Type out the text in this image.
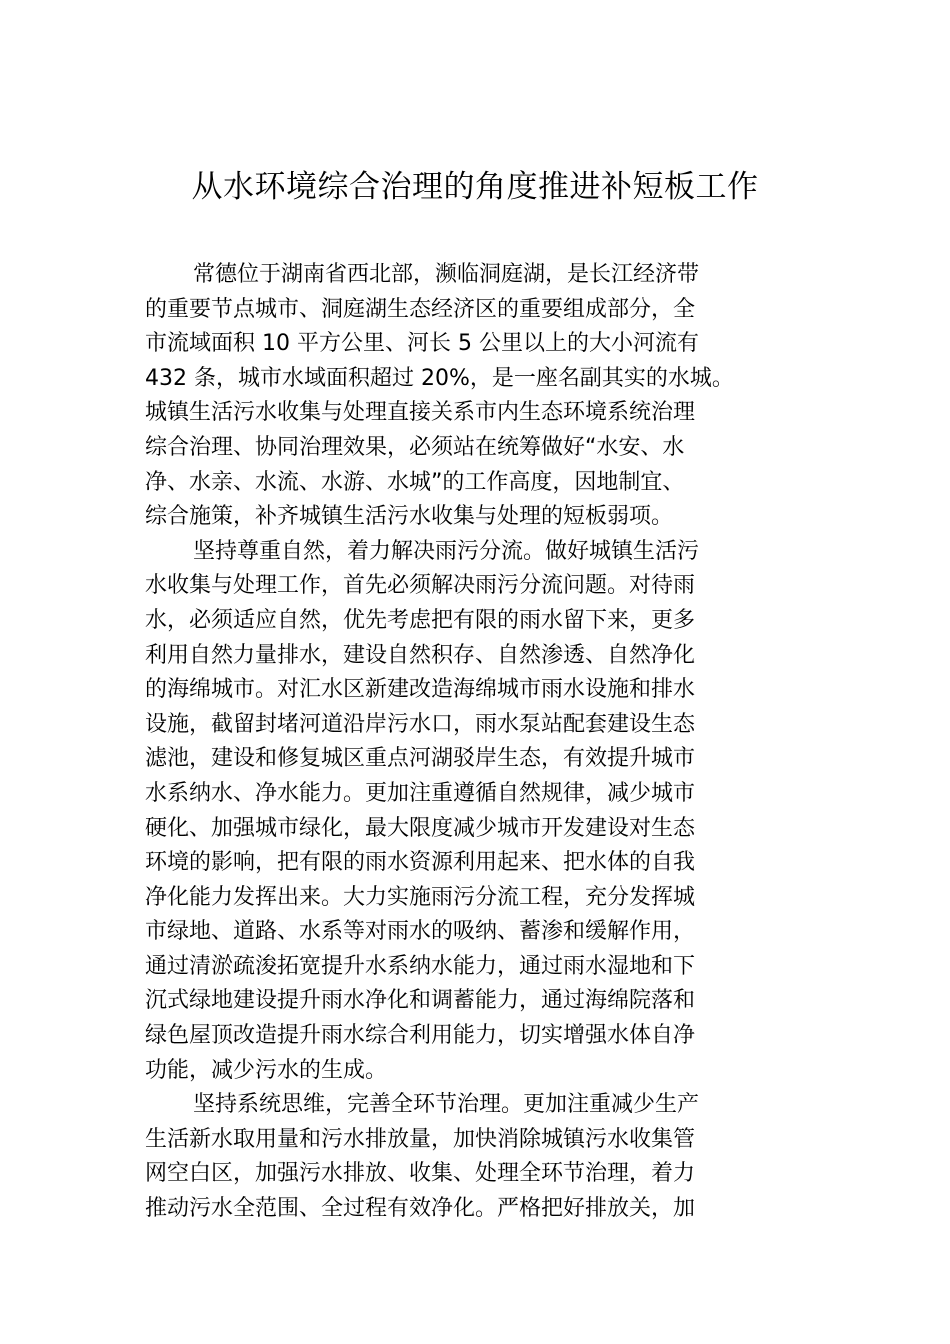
从水环境综合治理的角度推进补短板工作
常德位于湖南省西北部，濒临洞庭湖，是长江经济带
的重要节点城市、洞庭湖生态经济区的重要组成部分，全
市流域面积 10 平方公里、河长 5 公里以上的大小河流有
432 条，城市水域面积超过 20%，是一座名副其实的水城。
城镇生活污水收集与处理直接关系市内生态环境系统治理
综合治理、协同治理效果，必须站在统筹做好“水安、水
净、水亲、水流、水游、水城”的工作高度，因地制宜、
综合施策，补齐城镇生活污水收集与处理的短板弱项。
坚持尊重自然，着力解决雨污分流。做好城镇生活污
水收集与处理工作，首先必须解决雨污分流问题。对待雨
水，必须适应自然，优先考虑把有限的雨水留下来，更多
利用自然力量排水，建设自然积存、自然渗透、自然净化
的海绵城市。对汇水区新建改造海绵城市雨水设施和排水
设施，截留封堵河道沿岸污水口，雨水泵站配套建设生态
滤池，建设和修复城区重点河湖驳岸生态，有效提升城市
水系纳水、净水能力。更加注重遵循自然规律，减少城市
硬化、加强城市绿化，最大限度减少城市开发建设对生态
环境的影响，把有限的雨水资源利用起来、把水体的自我
净化能力发挥出来。大力实施雨污分流工程，充分发挥城
市绿地、道路、水系等对雨水的吸纳、蓄渗和缓解作用，
通过清淤疏浚拓宽提升水系纳水能力，通过雨水湿地和下
沉式绿地建设提升雨水净化和调蓄能力，通过海绵院落和
绿色屋顶改造提升雨水综合利用能力，切实增强水体自净
功能，减少污水的生成。
坚持系统思维，完善全环节治理。更加注重减少生产
生活新水取用量和污水排放量，加快消除城镇污水收集管
网空白区，加强污水排放、收集、处理全环节治理，着力
推动污水全范围、全过程有效净化。严格把好排放关，加
